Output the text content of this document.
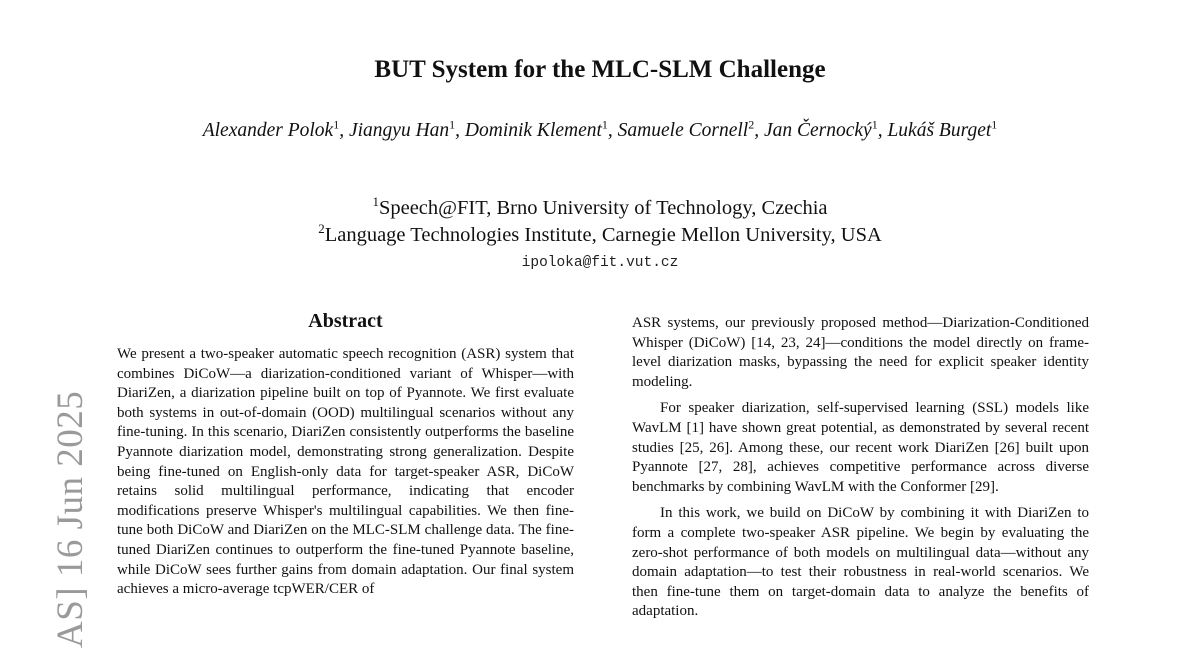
AS] 16 Jun 2025
BUT System for the MLC-SLM Challenge
Alexander Polok$^1$, Jiangyu Han$^1$, Dominik Klement$^1$, Samuele Cornell$^2$, Jan Černocký$^1$, Lukáš Burget$^1$
$^1$Speech@FIT, Brno University of Technology, Czechia
$^2$Language Technologies Institute, Carnegie Mellon University, USA
ipoloka@fit.vut.cz
Abstract

We present a two-speaker automatic speech recognition (ASR) system that combines DiCoW—a diarization-conditioned variant of Whisper—with DiariZen, a diarization pipeline built on top of Pyannote. We first evaluate both systems in out-of-domain (OOD) multilingual scenarios without any fine-tuning. In this scenario, DiariZen consistently outperforms the baseline Pyannote diarization model, demonstrating strong generalization. Despite being fine-tuned on English-only data for target-speaker ASR, DiCoW retains solid multilingual performance, indicating that encoder modifications preserve Whisper's multilingual capabilities. We then fine-tune both DiCoW and DiariZen on the MLC-SLM challenge data. The fine-tuned DiariZen continues to outperform the fine-tuned Pyannote baseline, while DiCoW sees further gains from domain adaptation. Our final system achieves a micro-average tcpWER/CER of

ASR systems, our previously proposed method—Diarization-Conditioned Whisper (DiCoW) [14, 23, 24]—conditions the model directly on frame-level diarization masks, bypassing the need for explicit speaker identity modeling.

For speaker diarization, self-supervised learning (SSL) models like WavLM [1] have shown great potential, as demonstrated by several recent studies [25, 26]. Among these, our recent work DiariZen [26] built upon Pyannote [27, 28], achieves competitive performance across diverse benchmarks by combining WavLM with the Conformer [29].

In this work, we build on DiCoW by combining it with DiariZen to form a complete two-speaker ASR pipeline. We begin by evaluating the zero-shot performance of both models on multilingual data—without any domain adaptation—to test their robustness in real-world scenarios. We then fine-tune them on target-domain data to analyze the benefits of adaptation.
